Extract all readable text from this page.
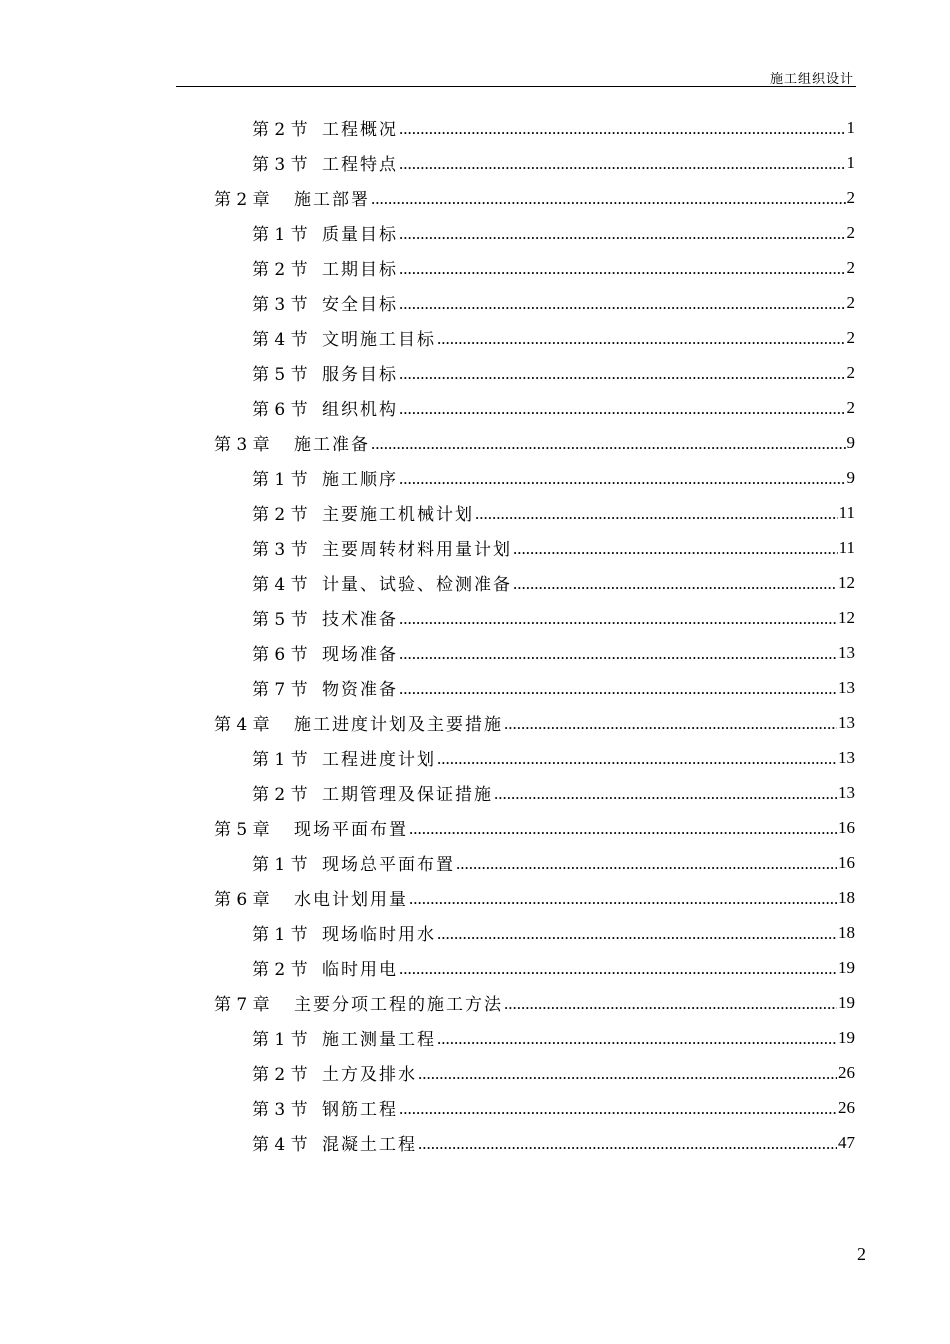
施工组织设计
第 2 节 工程概况 .....	1
第 3 节 工程特点 .....	1
第 2 章	施工部署 .....	2
第 1 节 质量目标 .....	2
第 2 节 工期目标 .....	2
第 3 节 安全目标 .....	2
第 4 节 文明施工目标 .....	2
第 5 节 服务目标 .....	2
第 6 节 组织机构 .....	2
第 3 章	施工准备 .....	9
第 1 节 施工顺序 .....	9
第 2 节 主要施工机械计划 .....	11
第 3 节 主要周转材料用量计划 .....	11
第 4 节 计量、试验、检测准备 .....	12
第 5 节 技术准备 .....	12
第 6 节 现场准备 .....	13
第 7 节 物资准备 .....	13
第 4 章	施工进度计划及主要措施 .....	13
第 1 节 工程进度计划 .....	13
第 2 节 工期管理及保证措施 .....	13
第 5 章	现场平面布置 .....	16
第 1 节 现场总平面布置 .....	16
第 6 章	水电计划用量 .....	18
第 1 节 现场临时用水 .....	18
第 2 节 临时用电 .....	19
第 7 章	主要分项工程的施工方法 .....	19
第 1 节 施工测量工程 .....	19
第 2 节 土方及排水 .....	26
第 3 节 钢筋工程 .....	26
第 4 节 混凝土工程 .....	47
2
